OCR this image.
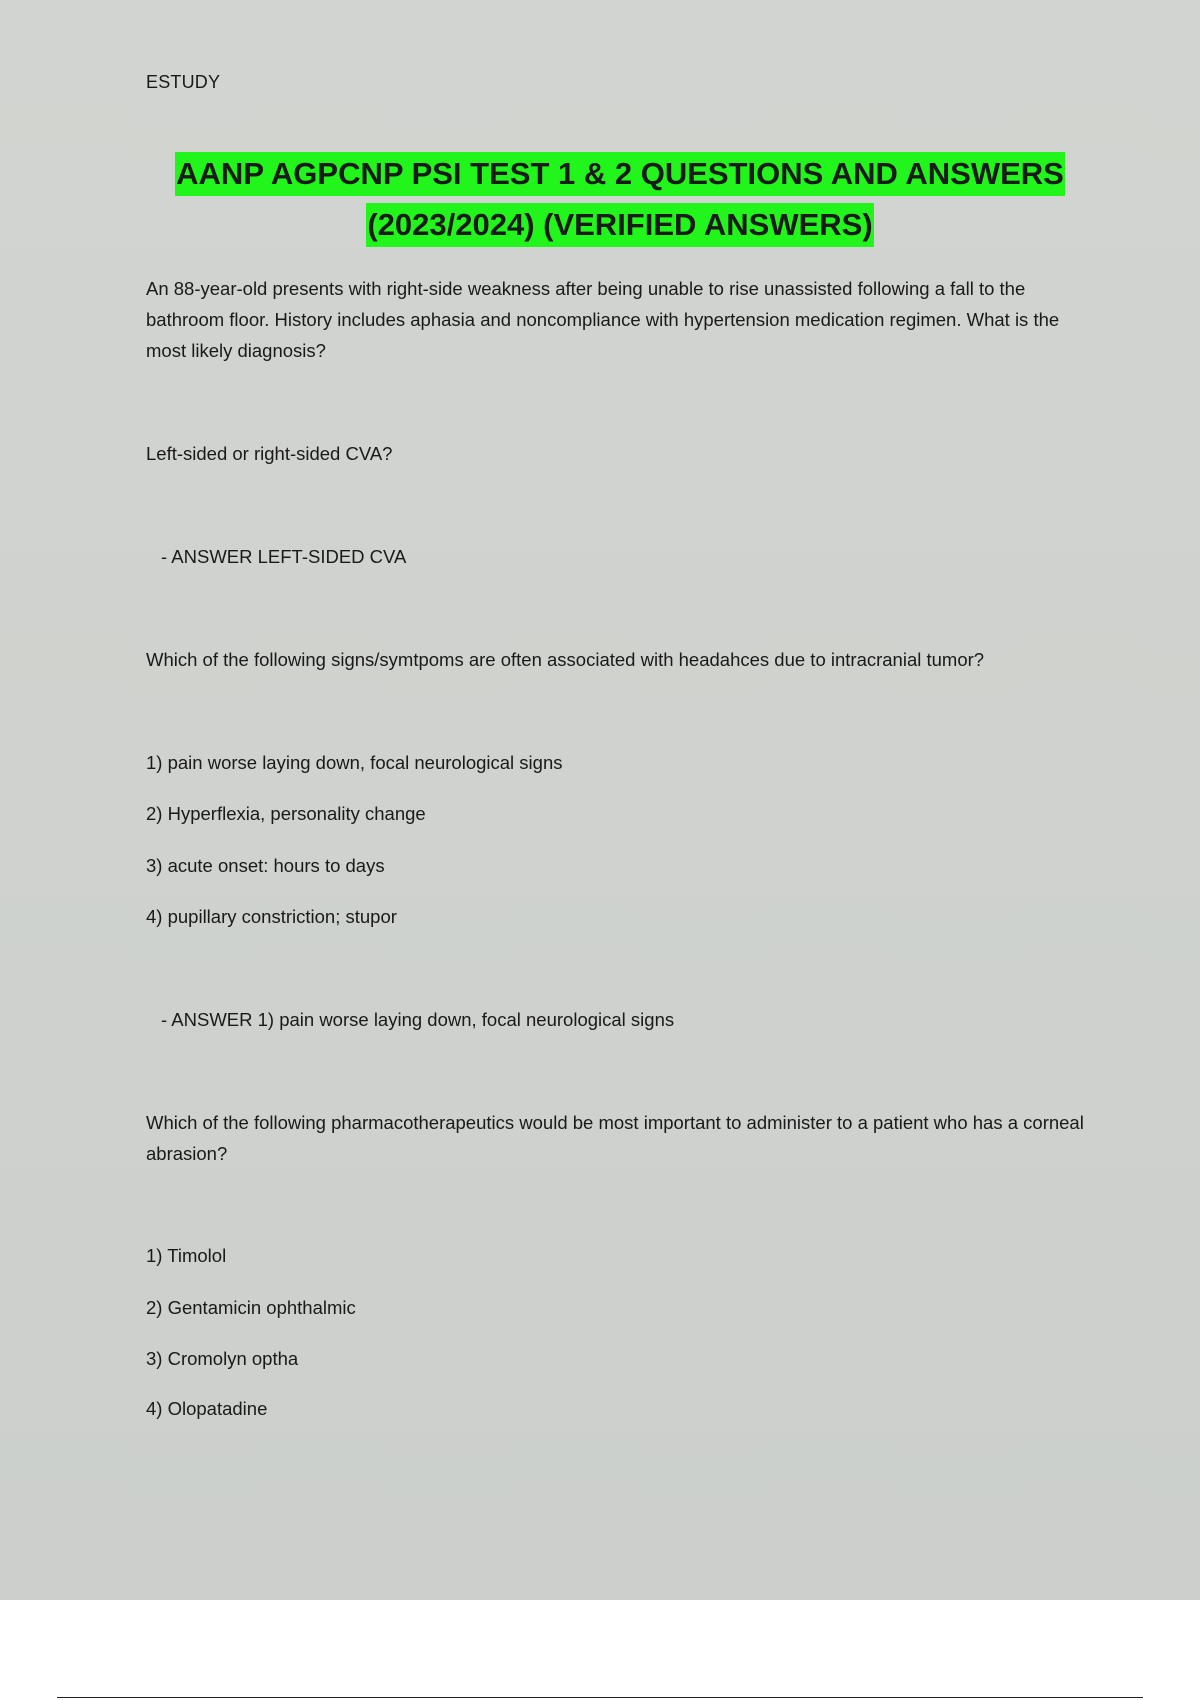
ESTUDY
AANP AGPCNP PSI TEST 1 & 2 QUESTIONS AND ANSWERS
(2023/2024) (VERIFIED ANSWERS)
An 88-year-old presents with right-side weakness after being unable to rise unassisted following a fall to the bathroom floor. History includes aphasia and noncompliance with hypertension medication regimen. What is the most likely diagnosis?
Left-sided or right-sided CVA?
- ANSWER LEFT-SIDED CVA
Which of the following signs/symtpoms are often associated with headahces due to intracranial tumor?
1) pain worse laying down, focal neurological signs
2) Hyperflexia, personality change
3) acute onset: hours to days
4) pupillary constriction; stupor
- ANSWER 1) pain worse laying down, focal neurological signs
Which of the following pharmacotherapeutics would be most important to administer to a patient who has a corneal abrasion?
1) Timolol
2) Gentamicin ophthalmic
3) Cromolyn optha
4) Olopatadine
